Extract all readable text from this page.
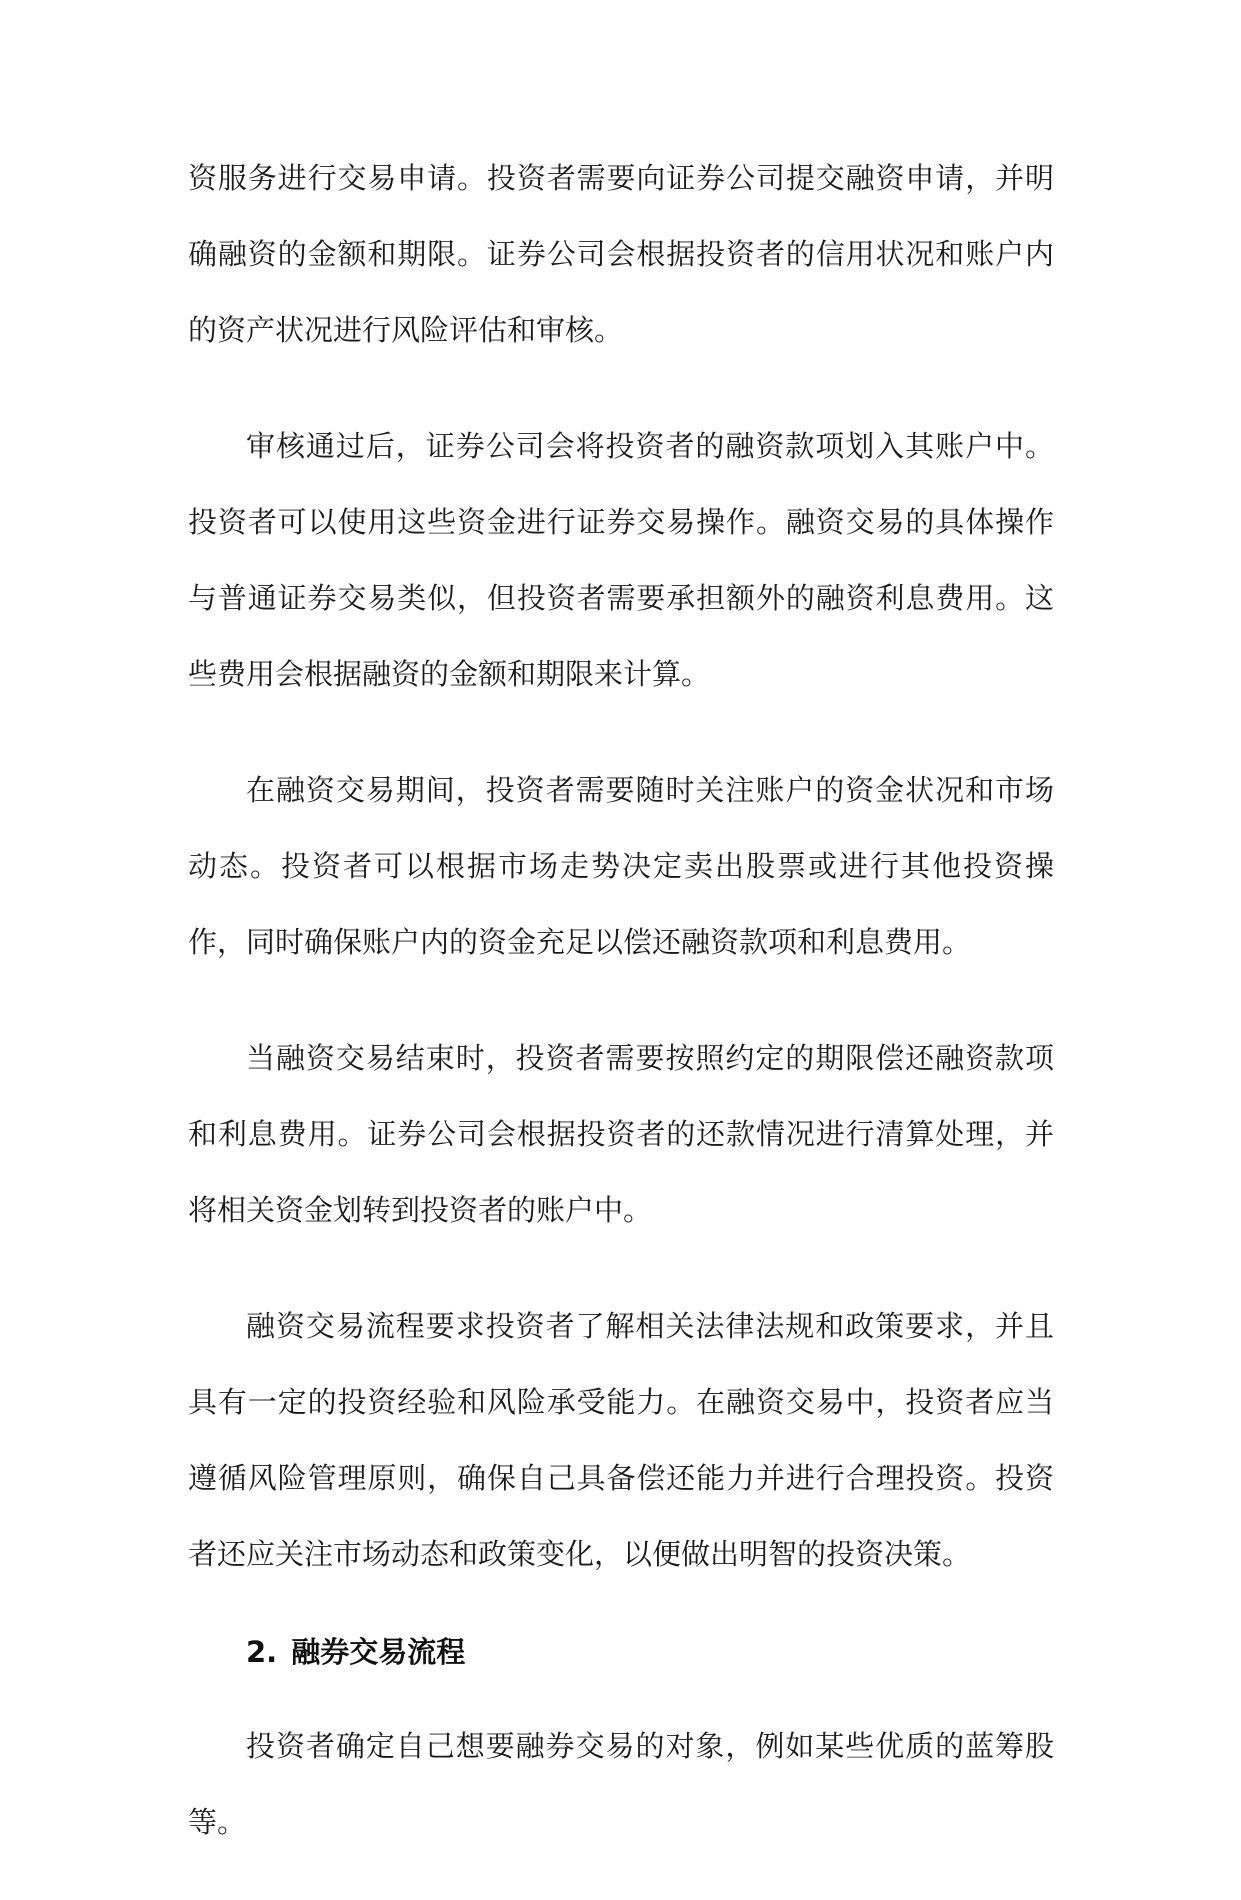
资服务进行交易申请。投资者需要向证券公司提交融资申请，并明确融资的金额和期限。证券公司会根据投资者的信用状况和账户内的资产状况进行风险评估和审核。

审核通过后，证券公司会将投资者的融资款项划入其账户中。投资者可以使用这些资金进行证券交易操作。融资交易的具体操作与普通证券交易类似，但投资者需要承担额外的融资利息费用。这些费用会根据融资的金额和期限来计算。

在融资交易期间，投资者需要随时关注账户的资金状况和市场动态。投资者可以根据市场走势决定卖出股票或进行其他投资操作，同时确保账户内的资金充足以偿还融资款项和利息费用。

当融资交易结束时，投资者需要按照约定的期限偿还融资款项和利息费用。证券公司会根据投资者的还款情况进行清算处理，并将相关资金划转到投资者的账户中。

融资交易流程要求投资者了解相关法律法规和政策要求，并且具有一定的投资经验和风险承受能力。在融资交易中，投资者应当遵循风险管理原则，确保自己具备偿还能力并进行合理投资。投资者还应关注市场动态和政策变化，以便做出明智的投资决策。

2. 融券交易流程

投资者确定自己想要融券交易的对象，例如某些优质的蓝筹股等。
